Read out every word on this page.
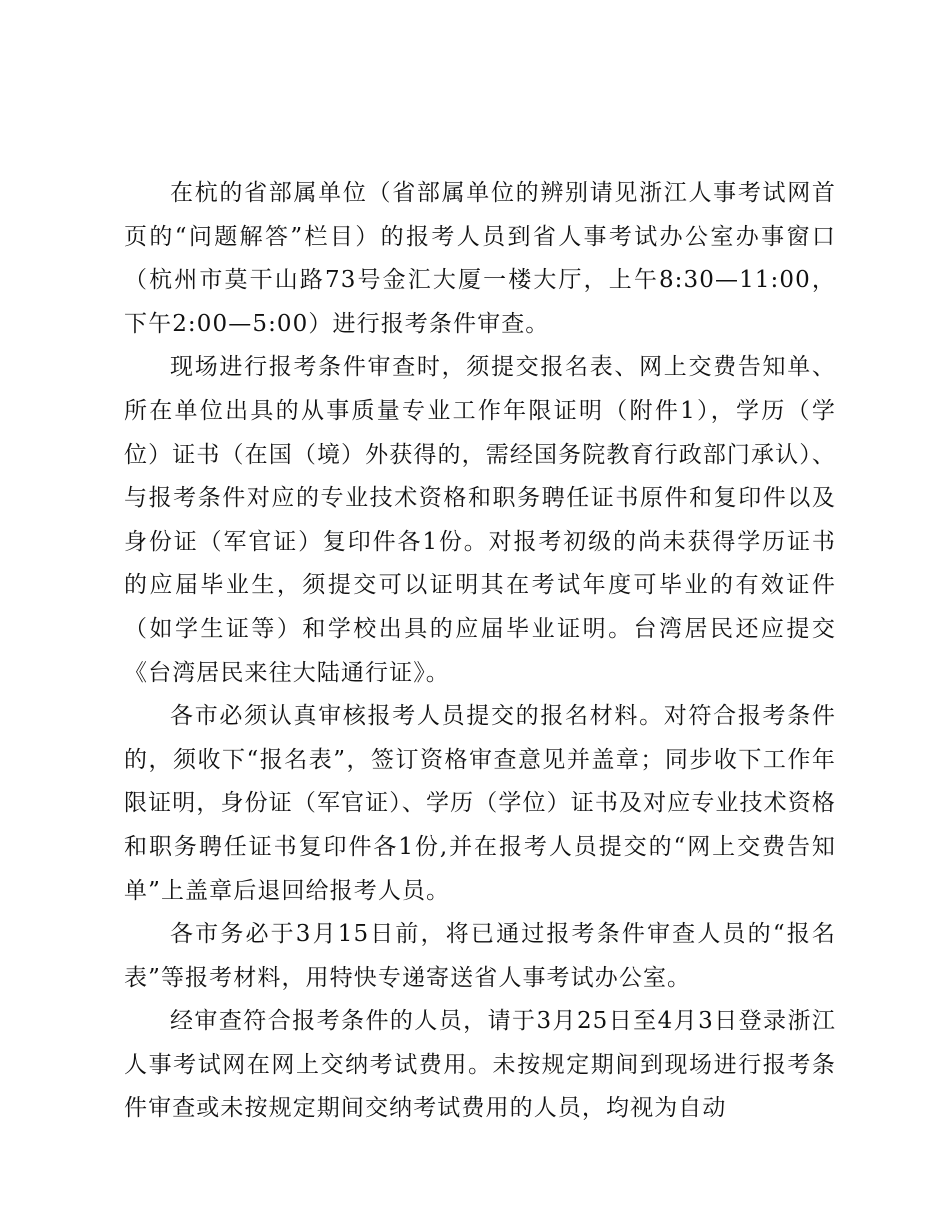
在杭的省部属单位（省部属单位的辨别请见浙江人事考试网首页的“问题解答”栏目）的报考人员到省人事考试办公室办事窗口（杭州市莫干山路73号金汇大厦一楼大厅，上午8:30—11:00，下午2:00—5:00）进行报考条件审查。

现场进行报考条件审查时，须提交报名表、网上交费告知单、所在单位出具的从事质量专业工作年限证明（附件1），学历（学位）证书（在国（境）外获得的，需经国务院教育行政部门承认）、与报考条件对应的专业技术资格和职务聘任证书原件和复印件以及身份证（军官证）复印件各1份。对报考初级的尚未获得学历证书的应届毕业生，须提交可以证明其在考试年度可毕业的有效证件（如学生证等）和学校出具的应届毕业证明。台湾居民还应提交《台湾居民来往大陆通行证》。

各市必须认真审核报考人员提交的报名材料。对符合报考条件的，须收下“报名表”，签订资格审查意见并盖章；同步收下工作年限证明，身份证（军官证）、学历（学位）证书及对应专业技术资格和职务聘任证书复印件各1份,并在报考人员提交的“网上交费告知单”上盖章后退回给报考人员。

各市务必于3月15日前，将已通过报考条件审查人员的“报名表”等报考材料，用特快专递寄送省人事考试办公室。

经审查符合报考条件的人员，请于3月25日至4月3日登录浙江人事考试网在网上交纳考试费用。未按规定期间到现场进行报考条件审查或未按规定期间交纳考试费用的人员，均视为自动
